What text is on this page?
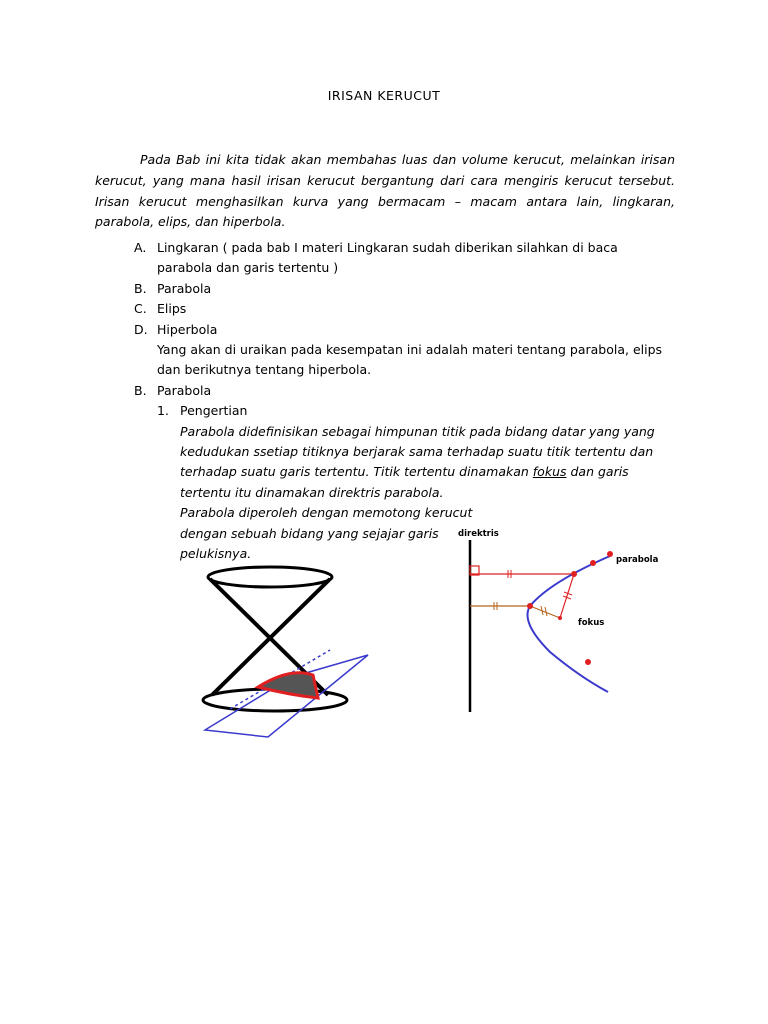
IRISAN KERUCUT
Pada Bab ini kita tidak akan membahas luas dan volume kerucut, melainkan irisan kerucut, yang mana hasil irisan kerucut bergantung dari cara mengiris kerucut tersebut. Irisan kerucut menghasilkan kurva yang bermacam – macam antara lain, lingkaran, parabola, elips, dan hiperbola.
A. Lingkaran ( pada bab I materi Lingkaran sudah diberikan silahkan di baca
parabola dan garis tertentu )
B. Parabola
C. Elips
D. Hiperbola
Yang akan di uraikan pada kesempatan ini adalah materi tentang parabola, elips dan berikutnya tentang hiperbola.
B. Parabola
1. Pengertian
Parabola didefinisikan sebagai himpunan titik pada bidang datar yang yang kedudukan ssetiap titiknya berjarak sama terhadap suatu titik tertentu dan terhadap suatu garis tertentu. Titik tertentu dinamakan fokus dan garis tertentu itu dinamakan direktris parabola.
Parabola diperoleh dengan memotong kerucut dengan sebuah bidang yang sejajar garis pelukisnya.
direktris
parabola
fokus
